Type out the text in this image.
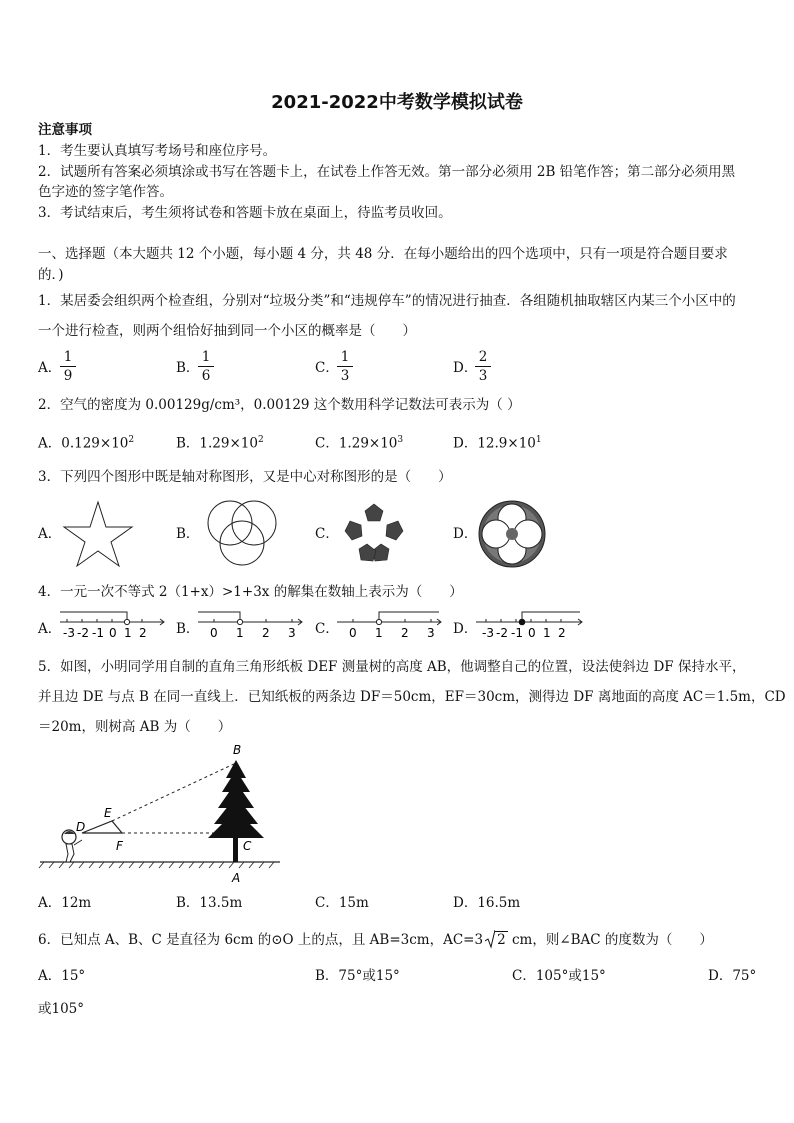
2021-2022中考数学模拟试卷
注意事项
1．考生要认真填写考场号和座位序号。
2．试题所有答案必须填涂或书写在答题卡上，在试卷上作答无效。第一部分必须用 2B 铅笔作答；第二部分必须用黑
色字迹的签字笔作答。
3．考试结束后，考生须将试卷和答题卡放在桌面上，待监考员收回。
一、选择题（本大题共 12 个小题，每小题 4 分，共 48 分．在每小题给出的四个选项中，只有一项是符合题目要求
的．)
1．某居委会组织两个检查组，分别对“垃圾分类”和“违规停车”的情况进行抽查．各组随机抽取辖区内某三个小区中的
一个进行检查，则两个组恰好抽到同一个小区的概率是（　　）
A．
1
9	B．
1
6	C．
1
3	D．
2
3
2．空气的密度为 0.00129g/cm³，0.00129 这个数用科学记数法可表示为（ ）
A．$0.129\times 10^2$	B．$1.29\times 10^2$	C．$1.29\times 10^3$	D．$12.9\times 10^1$
3．下列四个图形中既是轴对称图形，又是中心对称图形的是（　　）
A．	B．	C．	D．
4．一元一次不等式 2（1+x）>1+3x 的解集在数轴上表示为（　　）
A． -3 -2 -1 0 1 2 B． 0 1 2 3 C． 0 1 2 3 D． -3 -2 -1 0 1 2
5．如图，小明同学用自制的直角三角形纸板 DEF 测量树的高度 AB，他调整自己的位置，设法使斜边 DF 保持水平，
并且边 DE 与点 B 在同一直线上．已知纸板的两条边 DF＝50cm，EF＝30cm，测得边 DF 离地面的高度 AC＝1.5m，CD
＝20m，则树高 AB 为（　　）
B
E
D
F	C
A
A．12m	B．13.5m	C．15m	D．16.5m
6．已知点 A、B、C 是直径为 6cm 的⊙O 上的点，且 AB=3cm，AC=3 2 cm，则∠BAC 的度数为（　　）
A．15°	B．75°或15°	C．105°或15°	D．75°
或105°
